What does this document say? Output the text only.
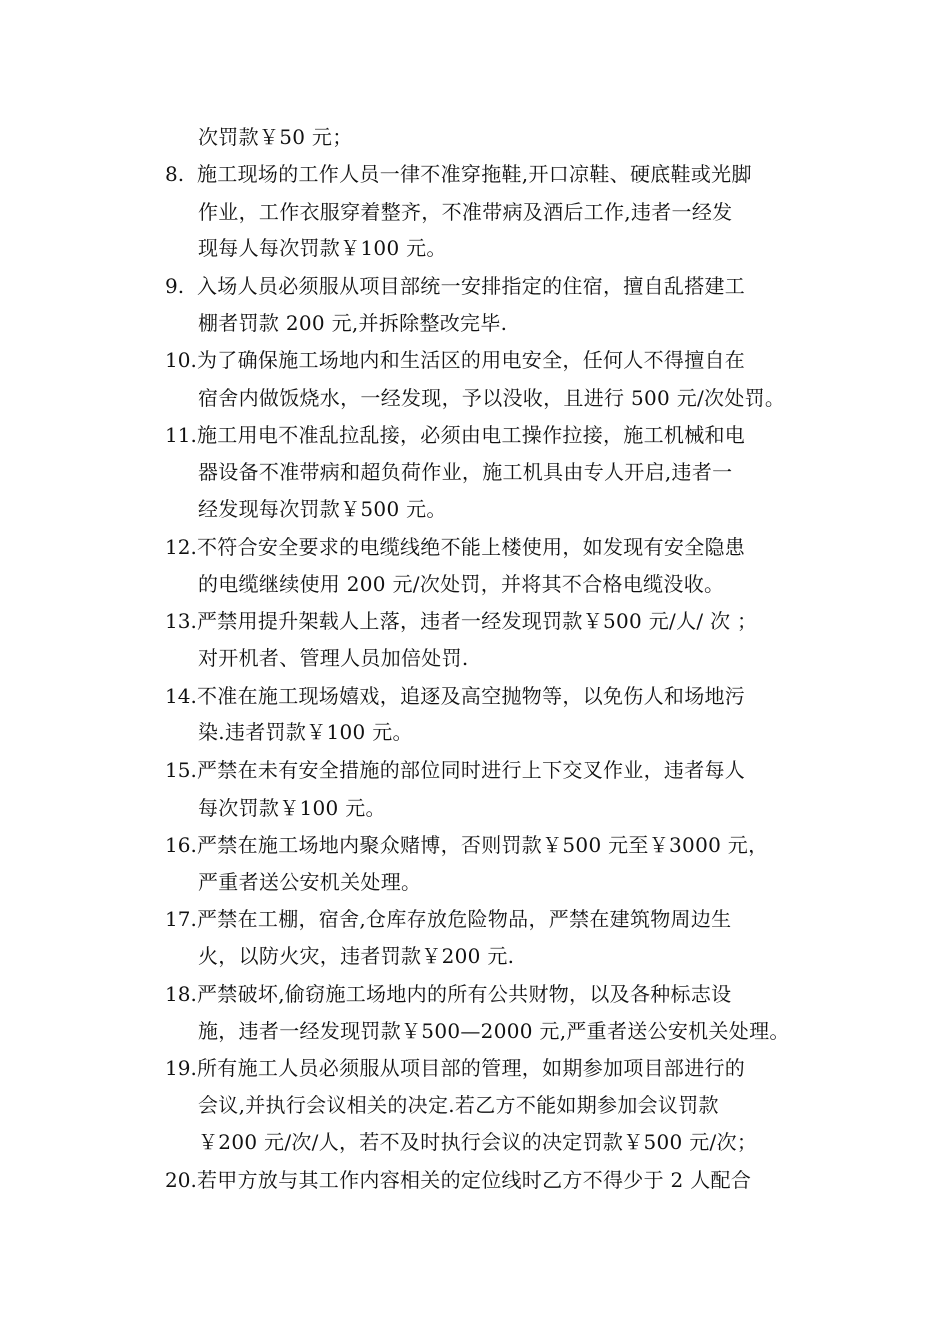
次罚款￥50 元；
8. 施工现场的工作人员一律不准穿拖鞋,开口凉鞋、硬底鞋或光脚
作业，工作衣服穿着整齐，不准带病及酒后工作,违者一经发
现每人每次罚款￥100 元。
9. 入场人员必须服从项目部统一安排指定的住宿，擅自乱搭建工
棚者罚款 200 元,并拆除整改完毕.
10. 为了确保施工场地内和生活区的用电安全，任何人不得擅自在
宿舍内做饭烧水，一经发现，予以没收，且进行 500 元/次处罚。
11. 施工用电不准乱拉乱接，必须由电工操作拉接，施工机械和电
器设备不准带病和超负荷作业，施工机具由专人开启,违者一
经发现每次罚款￥500 元。
12. 不符合安全要求的电缆线绝不能上楼使用，如发现有安全隐患
的电缆继续使用 200 元/次处罚，并将其不合格电缆没收。
13. 严禁用提升架载人上落，违者一经发现罚款￥500 元/人/ 次 ；
对开机者、管理人员加倍处罚.
14. 不准在施工现场嬉戏，追逐及高空抛物等，以免伤人和场地污
染.违者罚款￥100 元。
15. 严禁在未有安全措施的部位同时进行上下交叉作业，违者每人
每次罚款￥100 元。
16. 严禁在施工场地内聚众赌博，否则罚款￥500 元至￥3000 元，
严重者送公安机关处理。
17. 严禁在工棚，宿舍,仓库存放危险物品，严禁在建筑物周边生
火，以防火灾，违者罚款￥200 元.
18. 严禁破坏,偷窃施工场地内的所有公共财物，以及各种标志设
施，违者一经发现罚款￥500—2000 元,严重者送公安机关处理。
19. 所有施工人员必须服从项目部的管理，如期参加项目部进行的
会议,并执行会议相关的决定.若乙方不能如期参加会议罚款
￥200 元/次/人，若不及时执行会议的决定罚款￥500 元/次；
20. 若甲方放与其工作内容相关的定位线时乙方不得少于 2 人配合
